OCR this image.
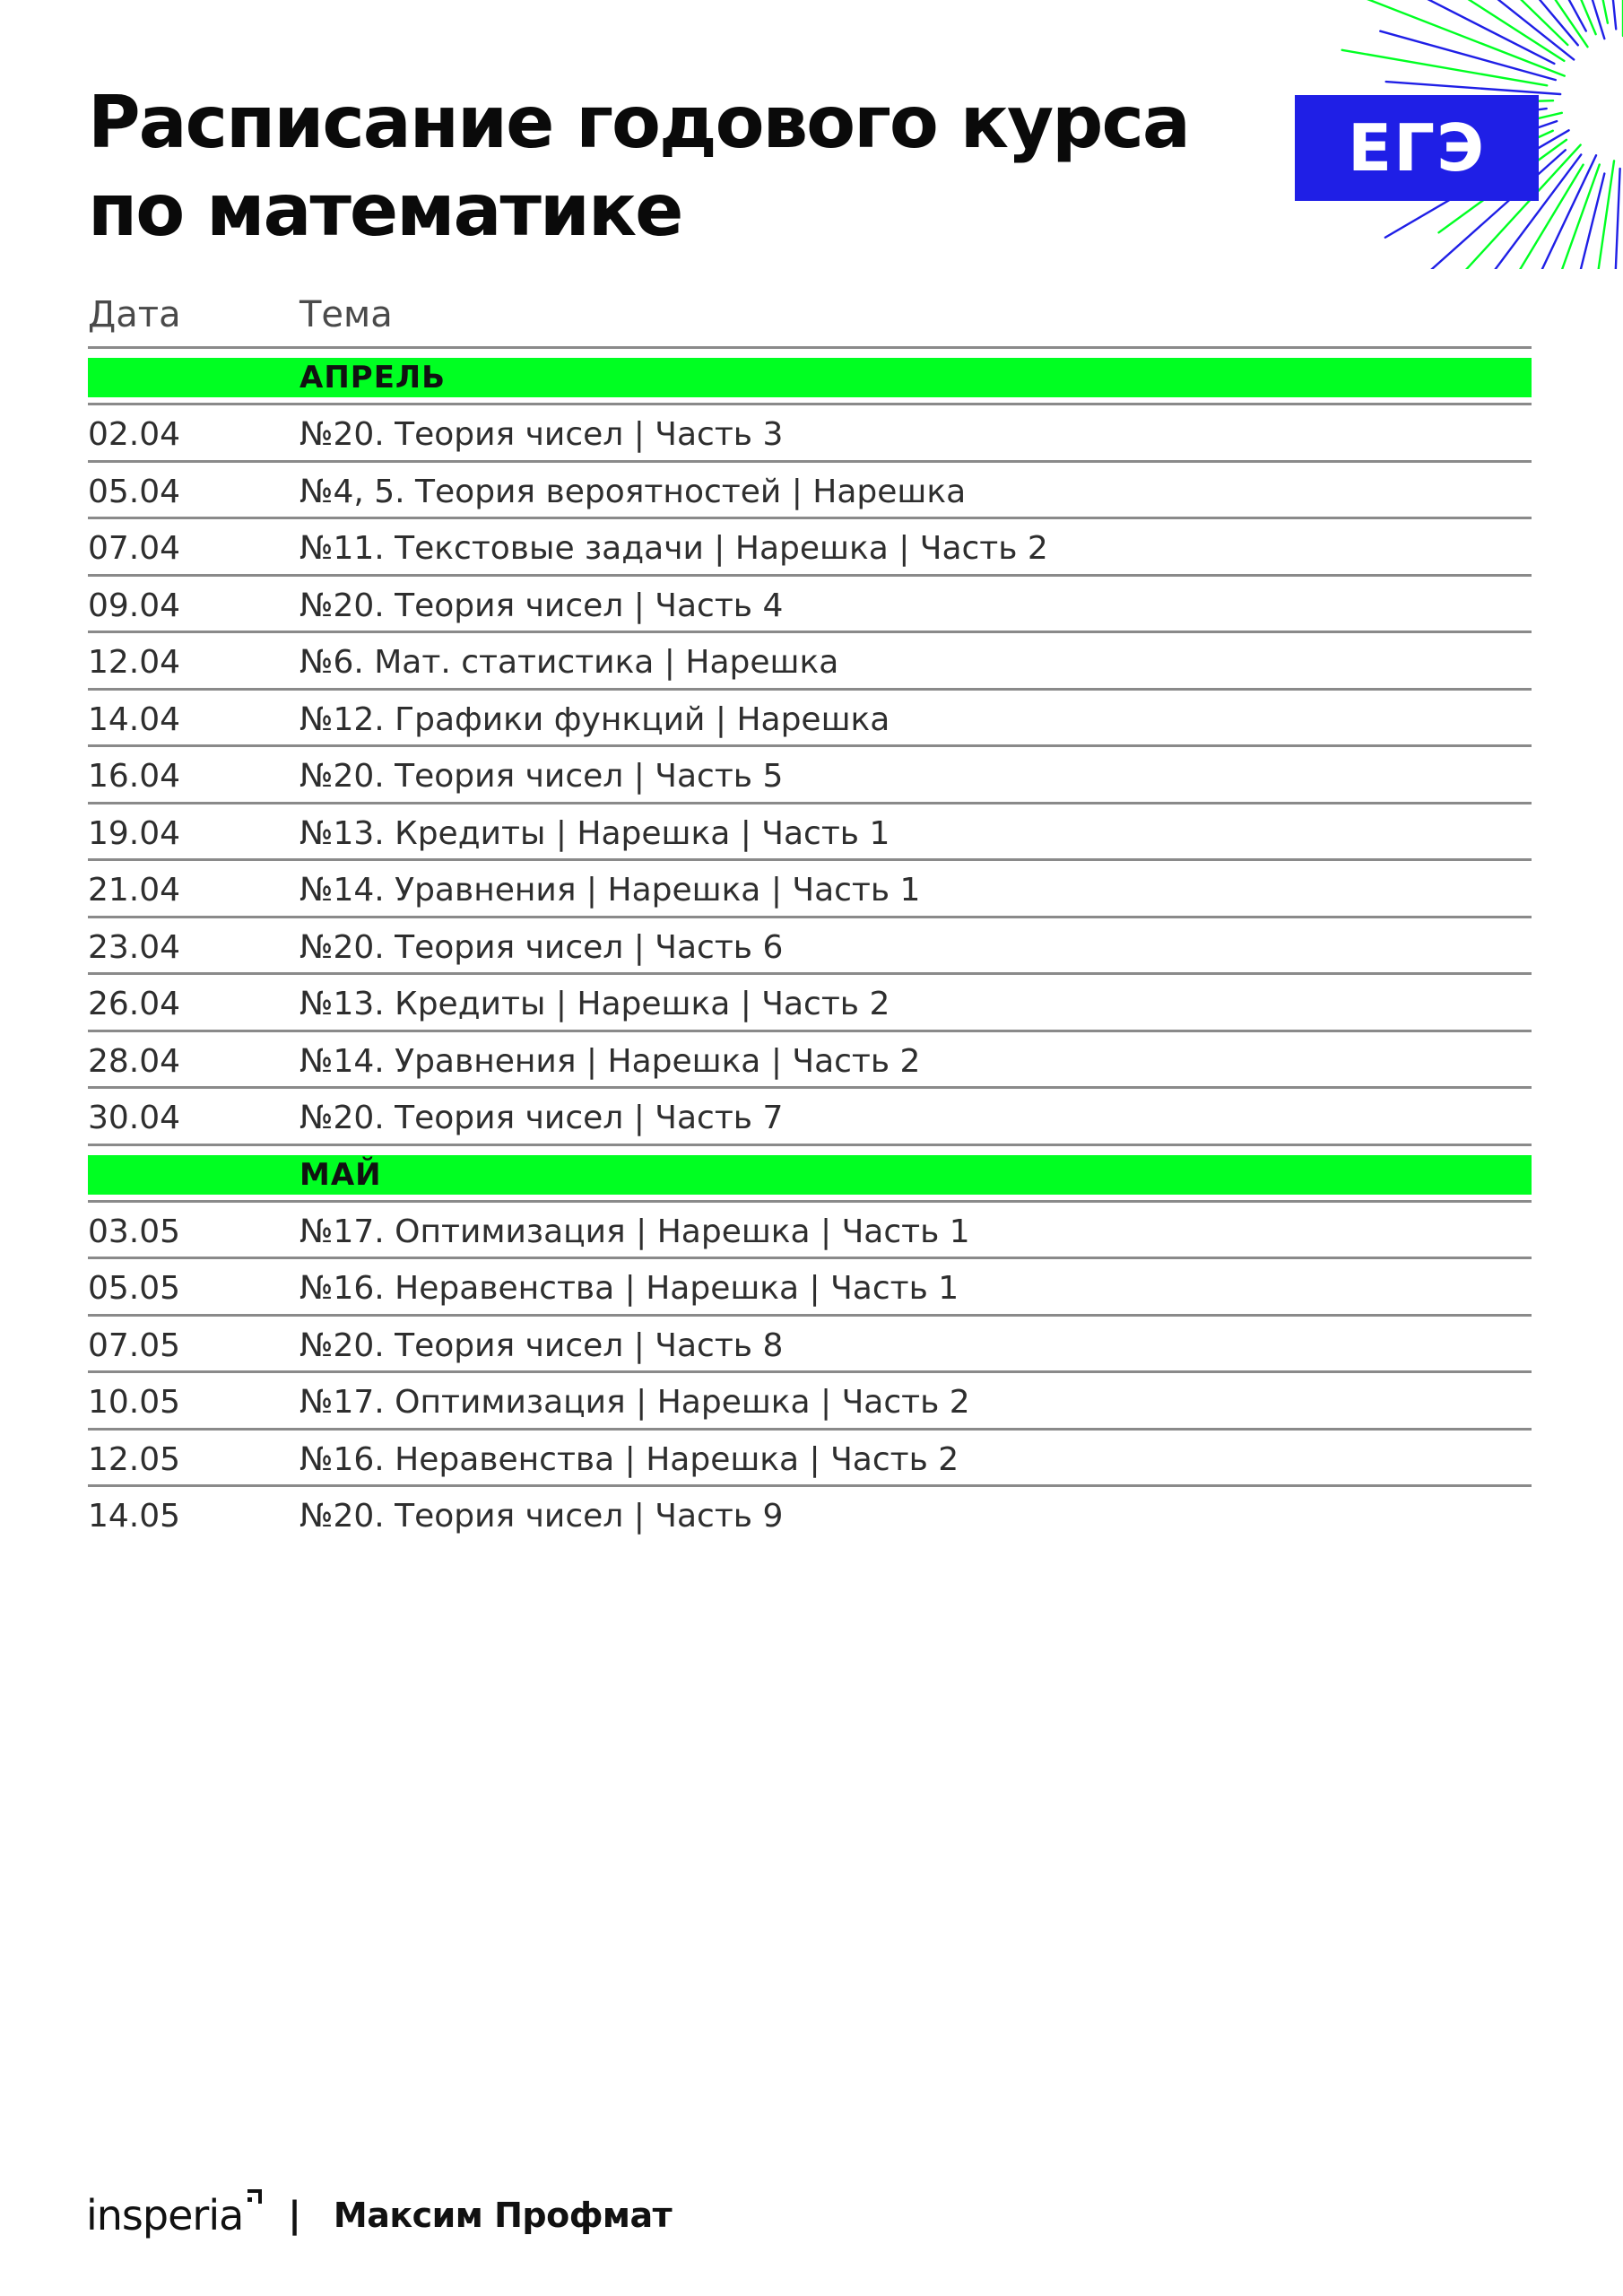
Расписание годового курса
по математике
ЕГЭ
Дата	Тема
АПРЕЛЬ
02.04	№20. Теория чисел | Часть 3
05.04	№4, 5. Теория вероятностей | Нарешка
07.04	№11. Текстовые задачи | Нарешка | Часть 2
09.04	№20. Теория чисел | Часть 4
12.04	№6. Мат. статистика | Нарешка
14.04	№12. Графики функций | Нарешка
16.04	№20. Теория чисел | Часть 5
19.04	№13. Кредиты | Нарешка | Часть 1
21.04	№14. Уравнения | Нарешка | Часть 1
23.04	№20. Теория чисел | Часть 6
26.04	№13. Кредиты | Нарешка | Часть 2
28.04	№14. Уравнения | Нарешка | Часть 2
30.04	№20. Теория чисел | Часть 7
МАЙ
03.05	№17. Оптимизация | Нарешка | Часть 1
05.05	№16. Неравенства | Нарешка | Часть 1
07.05	№20. Теория чисел | Часть 8
10.05	№17. Оптимизация | Нарешка | Часть 2
12.05	№16. Неравенства | Нарешка | Часть 2
14.05	№20. Теория чисел | Часть 9
insperia	| Максим Профмат
